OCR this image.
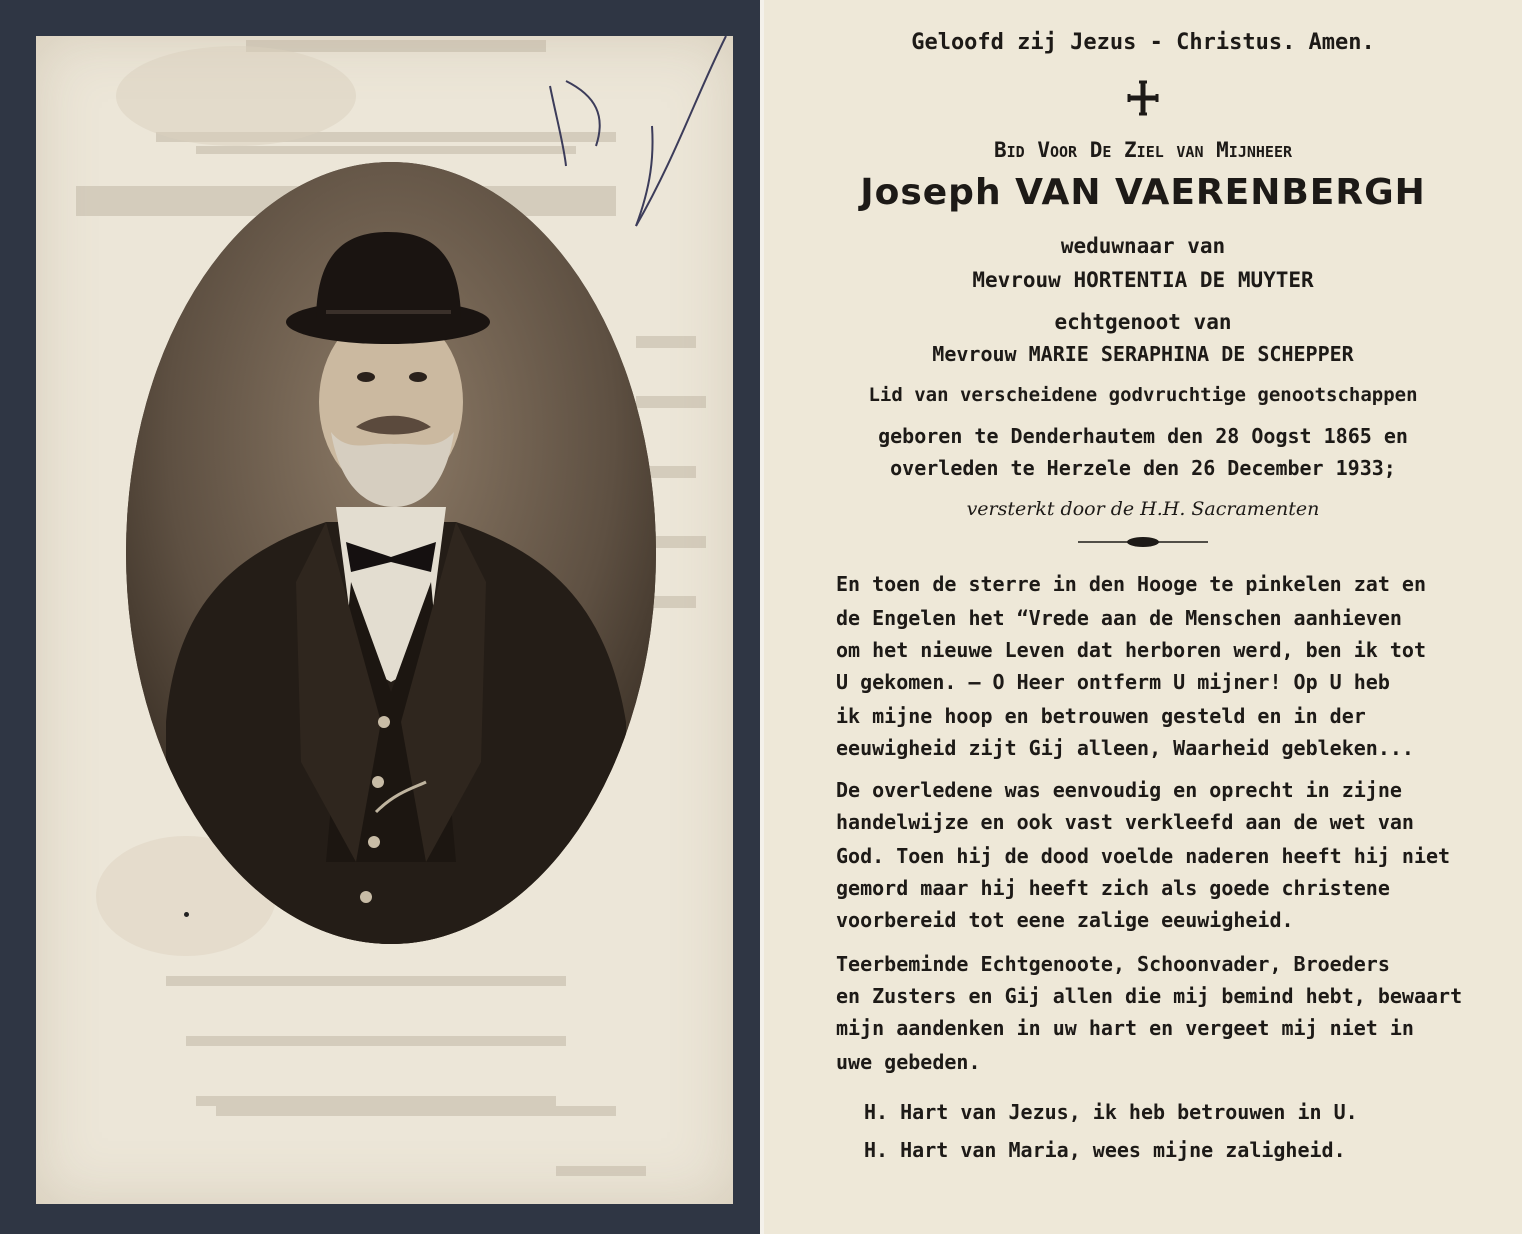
Geloofd zij Jezus - Christus. Amen.
Bid Voor De Ziel van Mijnheer
Joseph VAN VAERENBERGH
weduwnaar van
Mevrouw HORTENTIA DE MUYTER
echtgenoot van
Mevrouw MARIE SERAPHINA DE SCHEPPER
Lid van verscheidene godvruchtige genootschappen
geboren te Denderhautem den 28 Oogst 1865 en
overleden te Herzele den 26 December 1933;
versterkt door de H.H. Sacramenten
En toen de sterre in den Hooge te pinkelen zat en
de Engelen het “Vrede aan de Menschen aanhieven
om het nieuwe Leven dat herboren werd, ben ik tot
U gekomen. — O Heer ontferm U mijner! Op U heb
ik mijne hoop en betrouwen gesteld en in der
eeuwigheid zijt Gij alleen, Waarheid gebleken...
De overledene was eenvoudig en oprecht in zijne
handelwijze en ook vast verkleefd aan de wet van
God. Toen hij de dood voelde naderen heeft hij niet
gemord maar hij heeft zich als goede christene
voorbereid tot eene zalige eeuwigheid.
Teerbeminde Echtgenoote, Schoonvader, Broeders
en Zusters en Gij allen die mij bemind hebt, bewaart
mijn aandenken in uw hart en vergeet mij niet in
uwe gebeden.
H. Hart van Jezus, ik heb betrouwen in U.
H. Hart van Maria, wees mijne zaligheid.
